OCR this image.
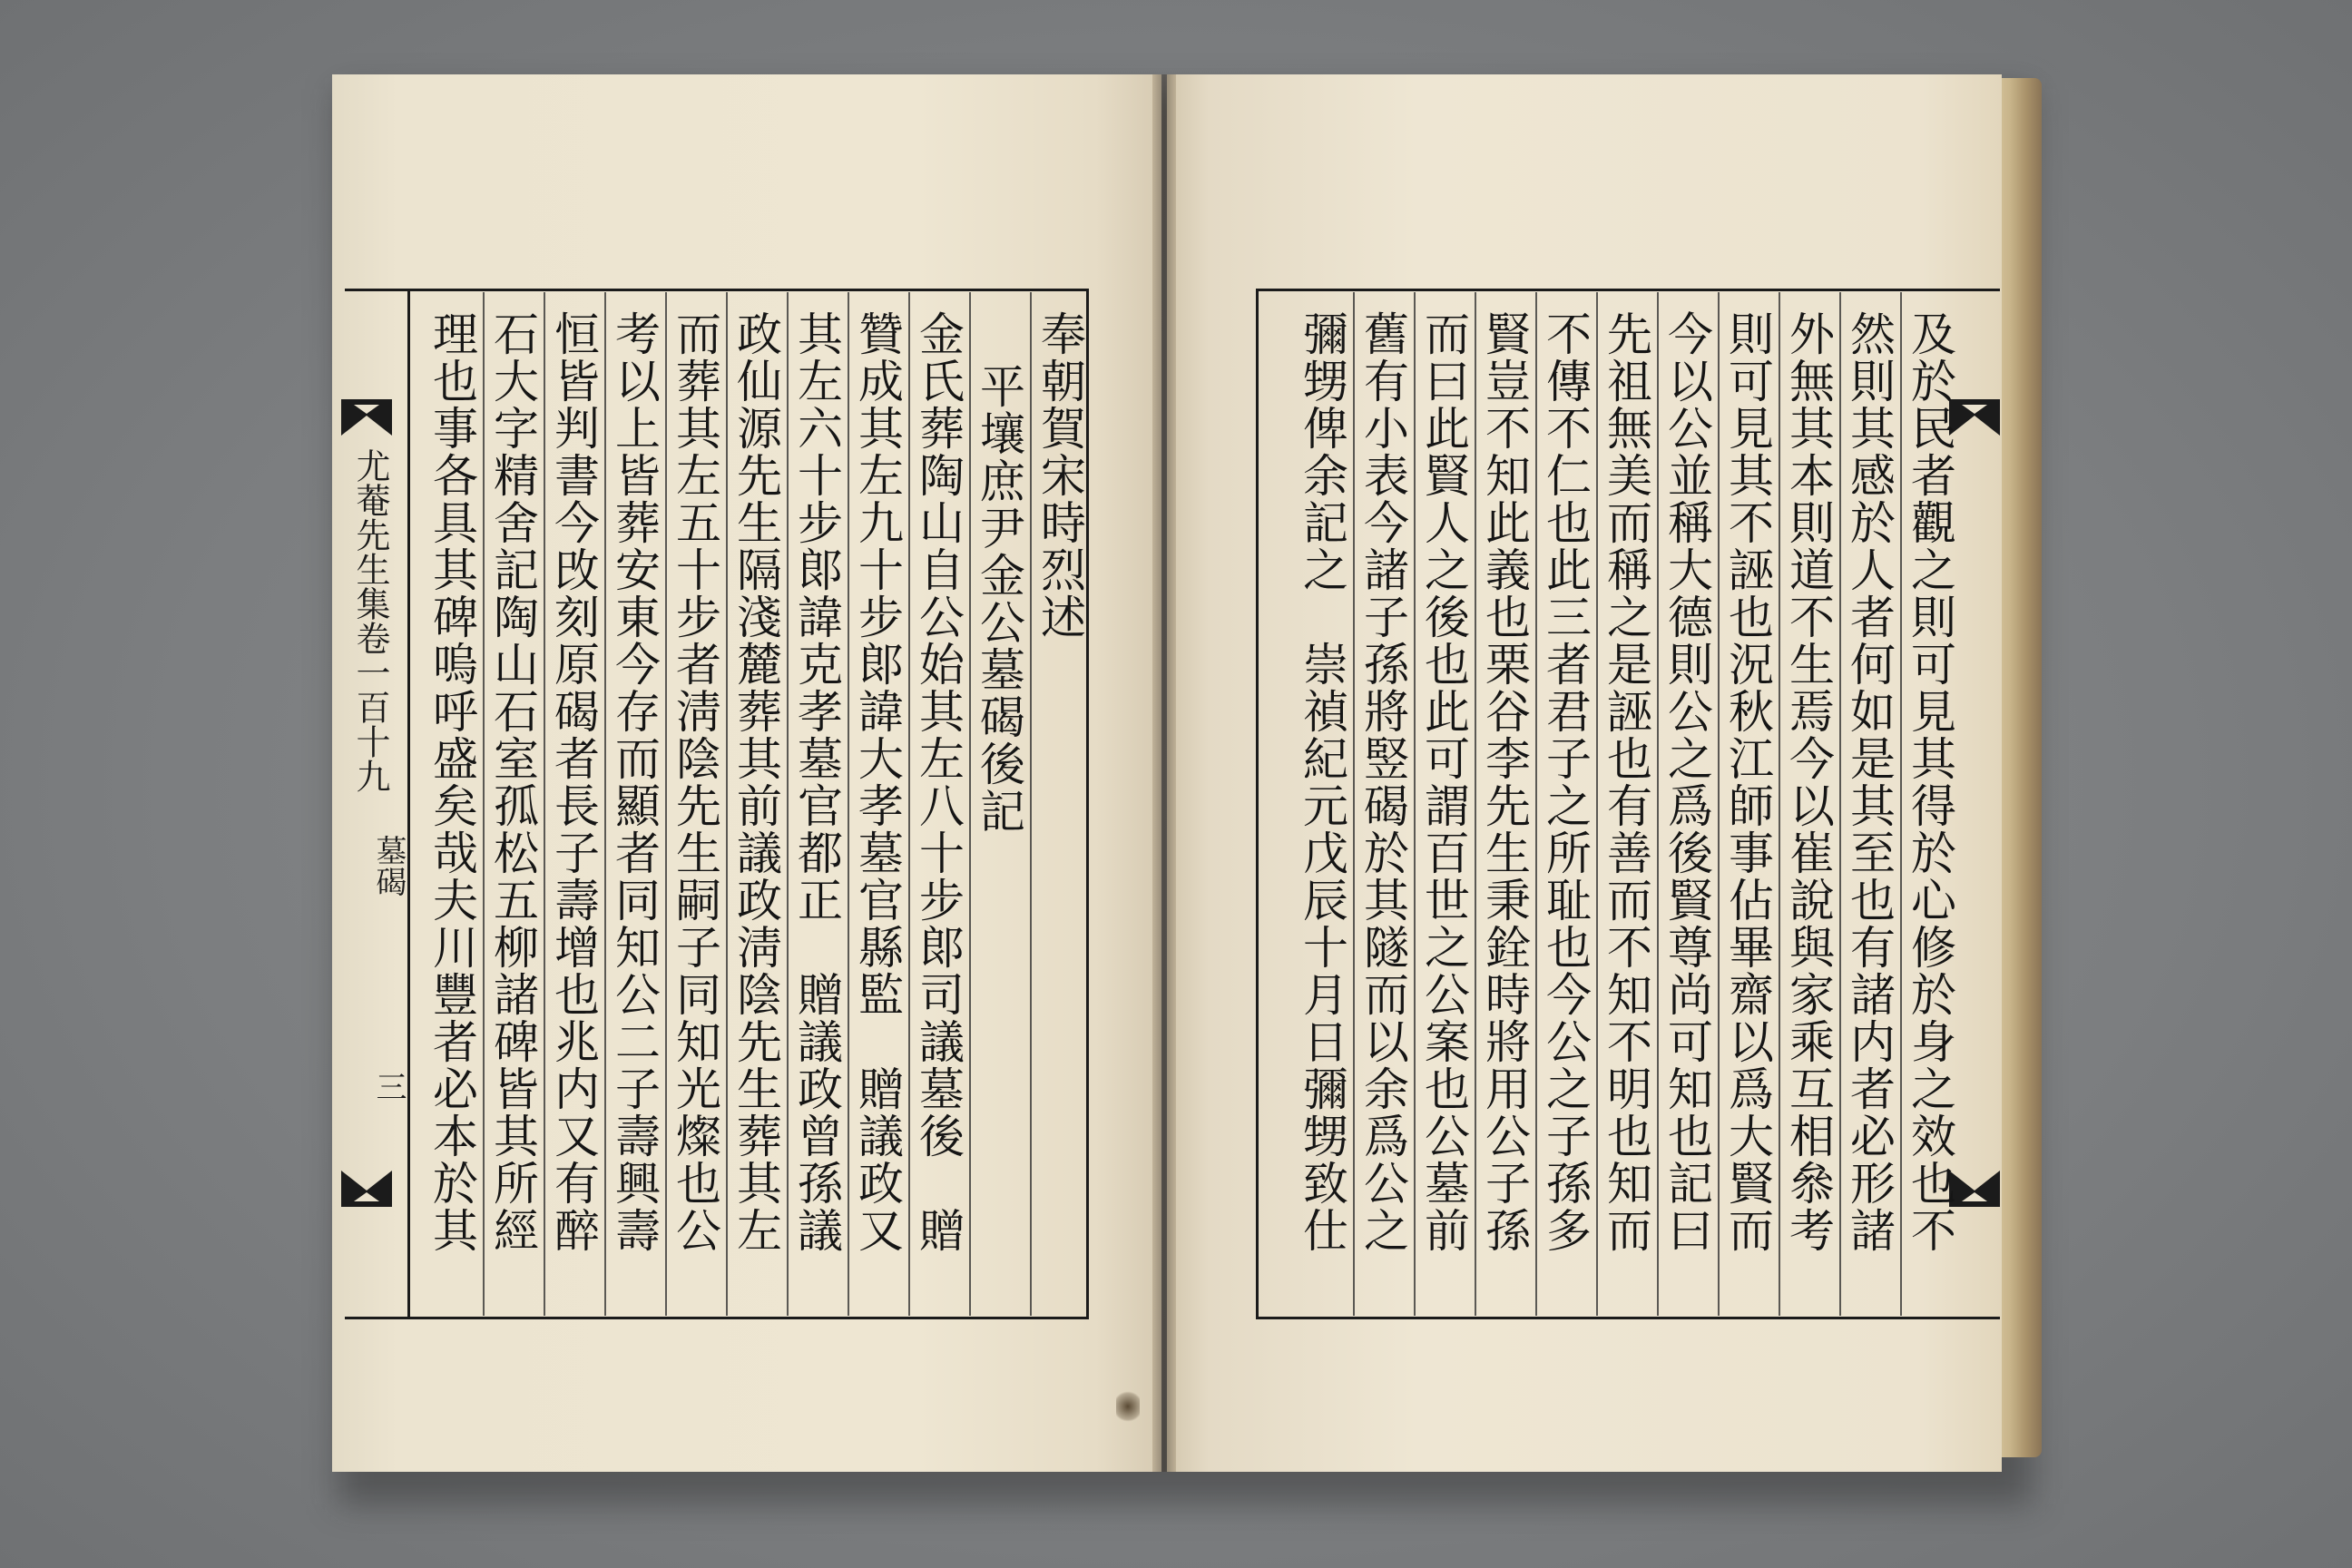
尤菴先生集卷一百十九
墓碣
三
奉朝賀宋時烈述
平壤庶尹金公墓碣後記
金氏葬陶山自公始其左八十步郞司議墓後　贈
贊成其左九十步郞諱大孝墓官縣監　贈議政又
其左六十步郞諱克孝墓官都正　贈議政曾孫議
政仙源先生隔淺麓葬其前議政淸陰先生葬其左
而葬其左五十步者淸陰先生嗣子同知光燦也公
考以上皆葬安東今存而顯者同知公二子壽興壽
恒皆判書今攺刻原碣者長子壽增也兆内又有醉
石大字精舍記陶山石室孤松五柳諸碑皆其所經
理也事各具其碑嗚呼盛矣哉夫川豐者必本於其	及於民者觀之則可見其得於心修於身之效也不
然則其感於人者何如是其至也有諸内者必形諸
外無其本則道不生焉今以崔說與家乘互相叅考
則可見其不誣也況秋江師事佔畢齋以爲大賢而
今以公並稱大德則公之爲後賢尊尚可知也記曰
先祖無美而稱之是誣也有善而不知不明也知而
不傳不仁也此三者君子之所耻也今公之子孫多
賢豈不知此義也栗谷李先生秉銓時將用公子孫
而曰此賢人之後也此可謂百世之公案也公墓前
舊有小表今諸子孫將竪碣於其隧而以余爲公之
彌甥俾余記之　崇禎紀元戊辰十月日彌甥致仕
